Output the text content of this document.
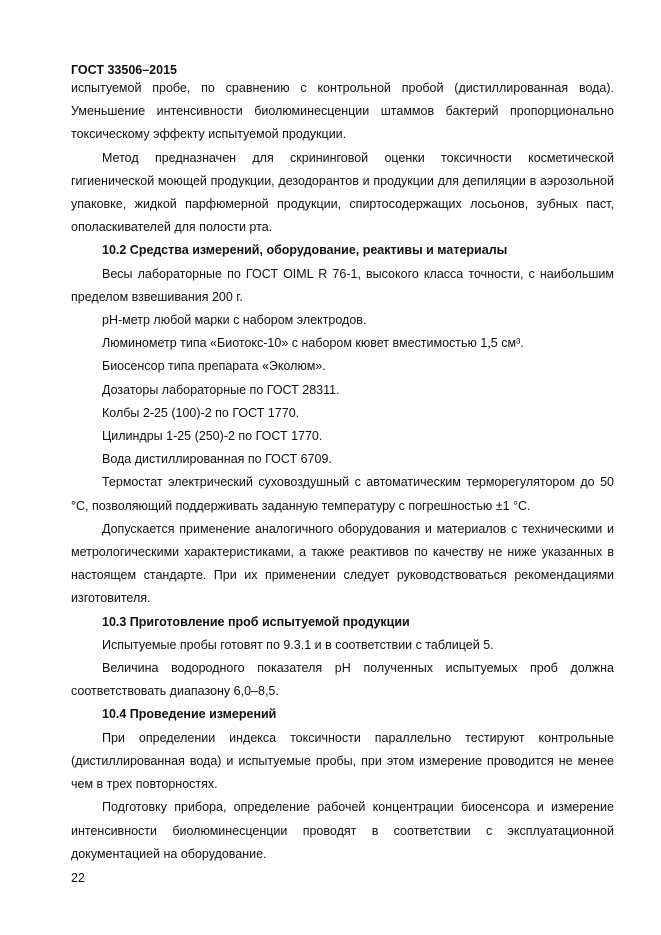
ГОСТ 33506–2015

испытуемой пробе, по сравнению с контрольной пробой (дистиллированная вода). Уменьшение интенсивности биолюминесценции штаммов бактерий пропорционально токсическому эффекту испытуемой продукции.

Метод предназначен для скрининговой оценки токсичности косметической гигиенической моющей продукции, дезодорантов и продукции для депиляции в аэрозольной упаковке, жидкой парфюмерной продукции, спиртосодержащих лосьонов, зубных паст, ополаскивателей для полости рта.

10.2 Средства измерений, оборудование, реактивы и материалы

Весы лабораторные по ГОСТ OIML R 76-1, высокого класса точности, с наибольшим пределом взвешивания 200 г.

pH-метр любой марки с набором электродов.

Люминометр типа «Биотокс-10» с набором кювет вместимостью 1,5 см³.

Биосенсор типа препарата «Эколюм».

Дозаторы лабораторные по ГОСТ 28311.

Колбы 2-25 (100)-2 по ГОСТ 1770.

Цилиндры 1-25 (250)-2 по ГОСТ 1770.

Вода дистиллированная по ГОСТ 6709.

Термостат электрический суховоздушный с автоматическим терморегулятором до 50 °С, позволяющий поддерживать заданную температуру с погрешностью ±1 °С.

Допускается применение аналогичного оборудования и материалов с техническими и метрологическими характеристиками, а также реактивов по качеству не ниже указанных в настоящем стандарте. При их применении следует руководствоваться рекомендациями изготовителя.

10.3 Приготовление проб испытуемой продукции

Испытуемые пробы готовят по 9.3.1 и в соответствии с таблицей 5.

Величина водородного показателя pH полученных испытуемых проб должна соответствовать диапазону 6,0–8,5.

10.4 Проведение измерений

При определении индекса токсичности параллельно тестируют контрольные (дистиллированная вода) и испытуемые пробы, при этом измерение проводится не менее чем в трех повторностях.

Подготовку прибора, определение рабочей концентрации биосенсора и измерение интенсивности биолюминесценции проводят в соответствии с эксплуатационной документацией на оборудование.

22
